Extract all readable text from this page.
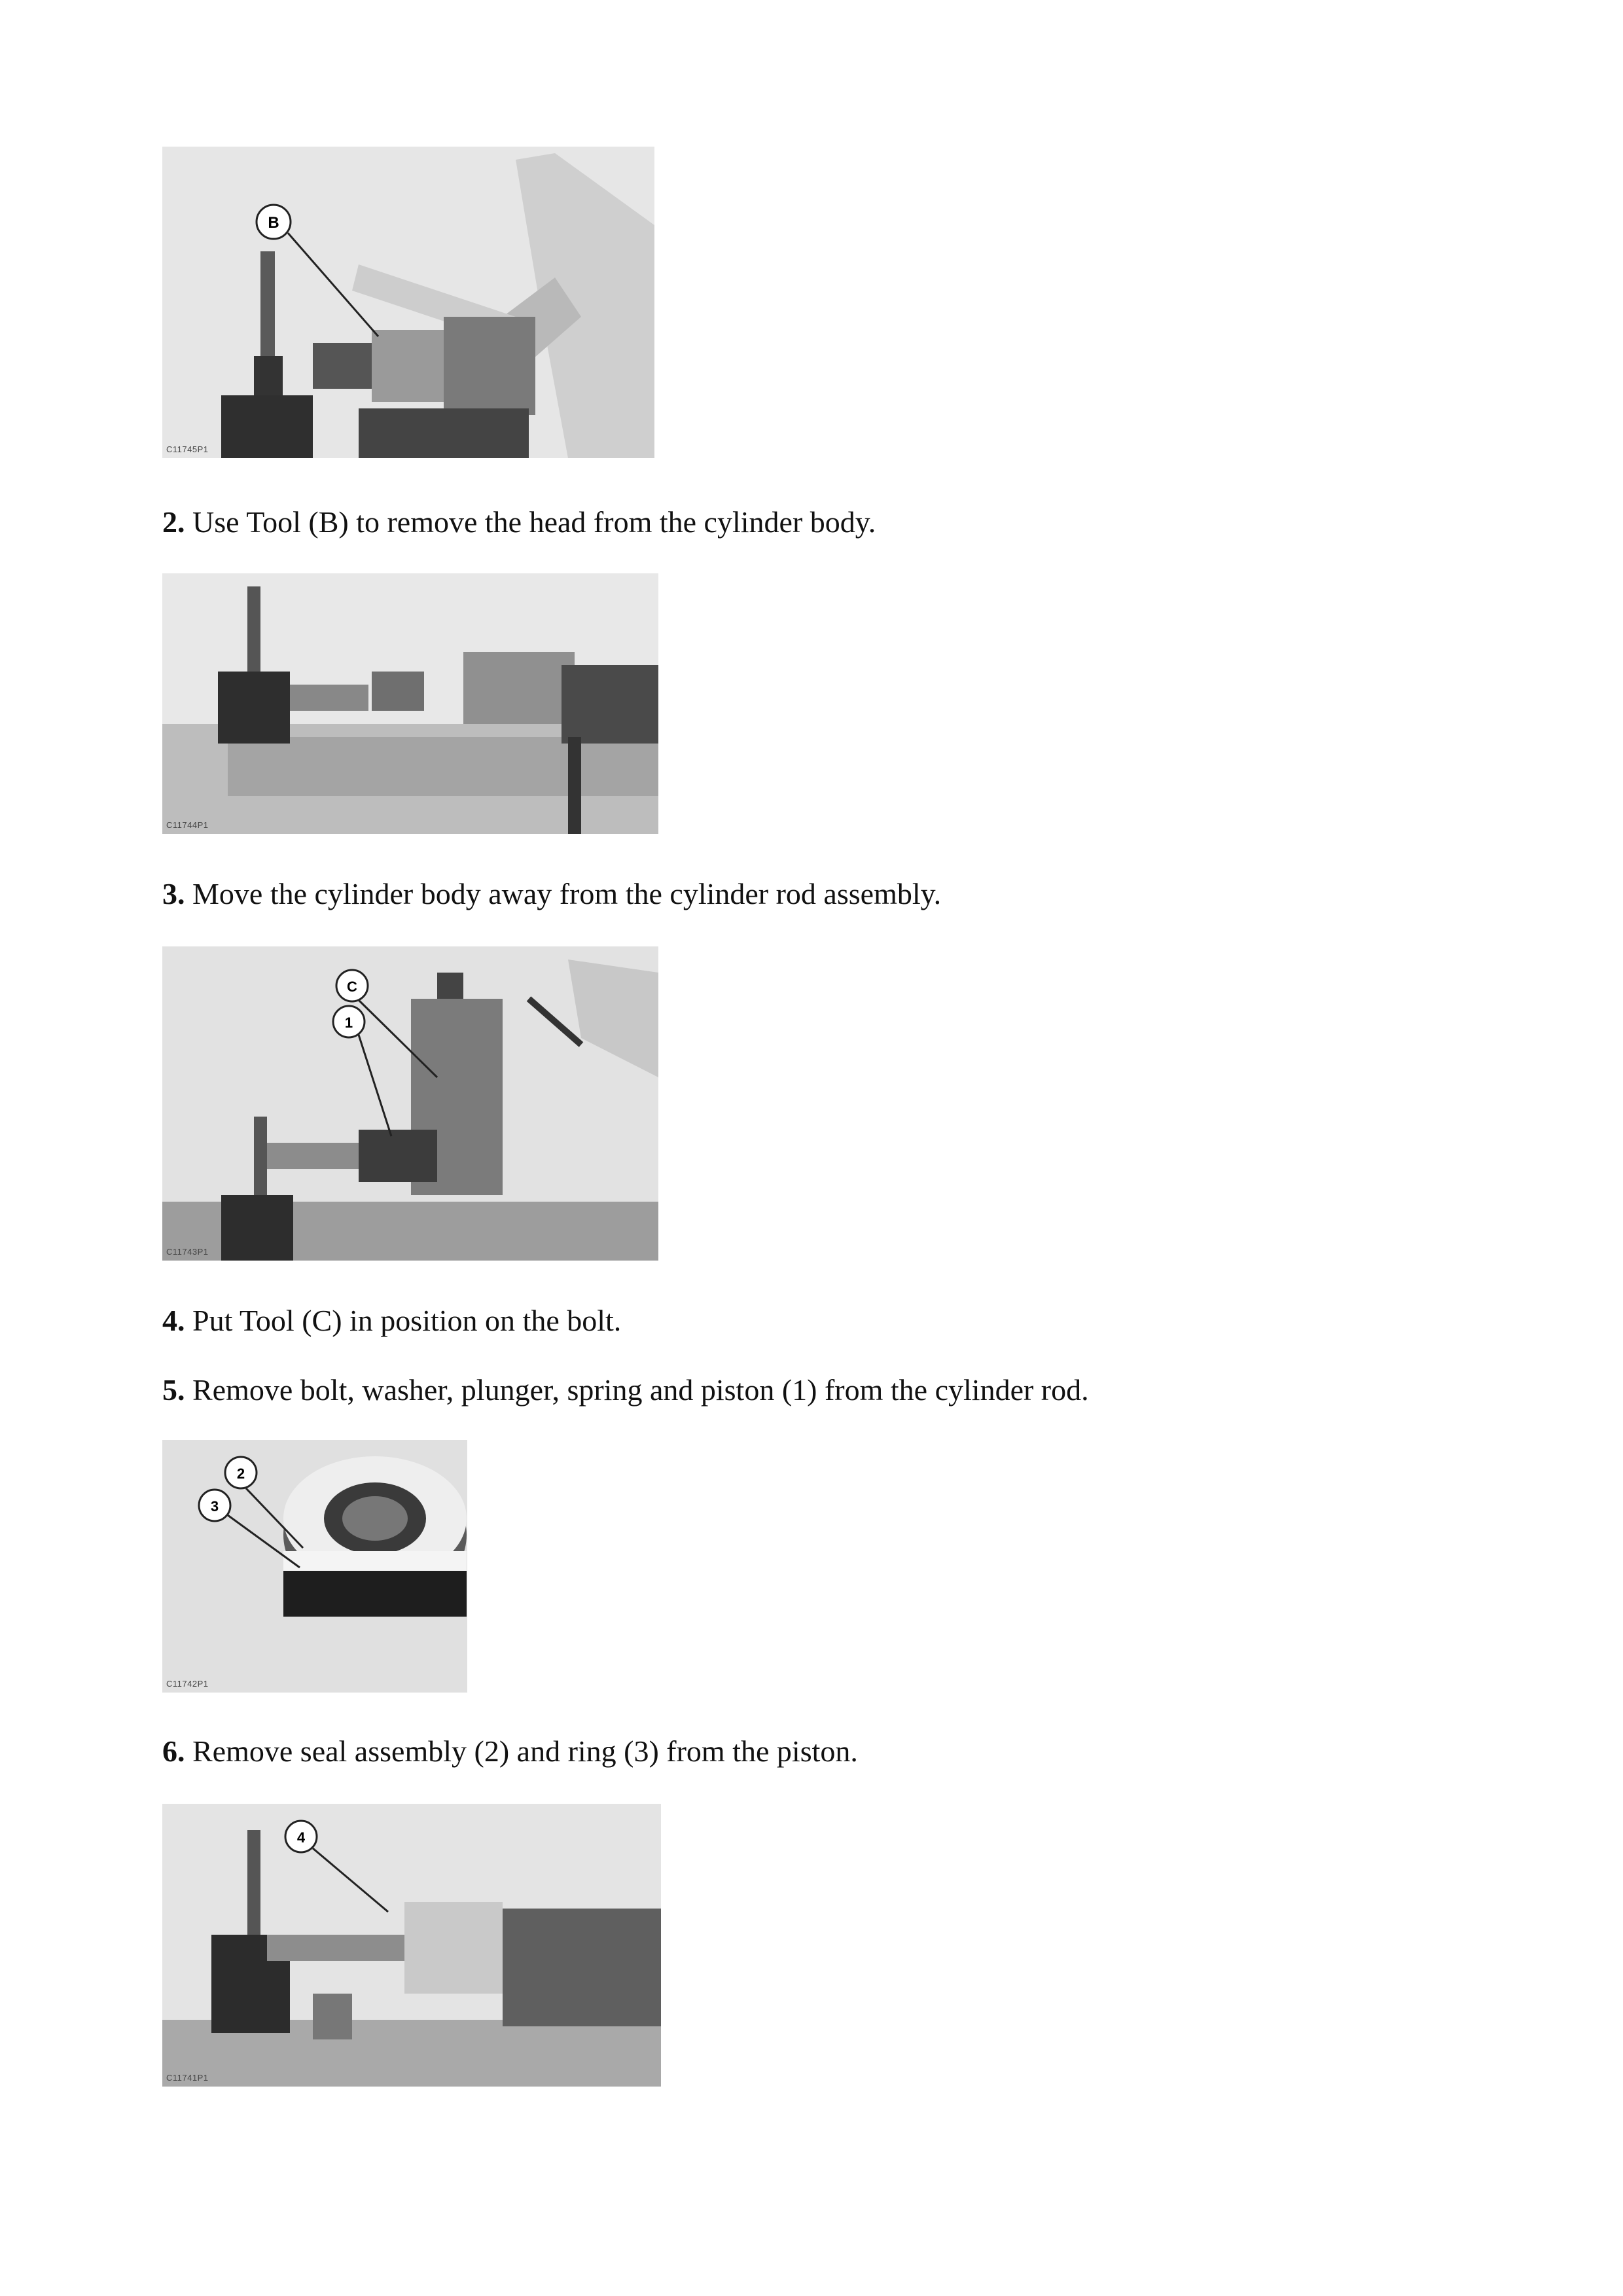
B
C11745P1

2. Use Tool (B) to remove the head from the cylinder body.

C11744P1

3. Move the cylinder body away from the cylinder rod assembly.

C
1
C11743P1

4. Put Tool (C) in position on the bolt.

5. Remove bolt, washer, plunger, spring and piston (1) from the cylinder rod.

2
3
C11742P1

6. Remove seal assembly (2) and ring (3) from the piston.

4
C11741P1
